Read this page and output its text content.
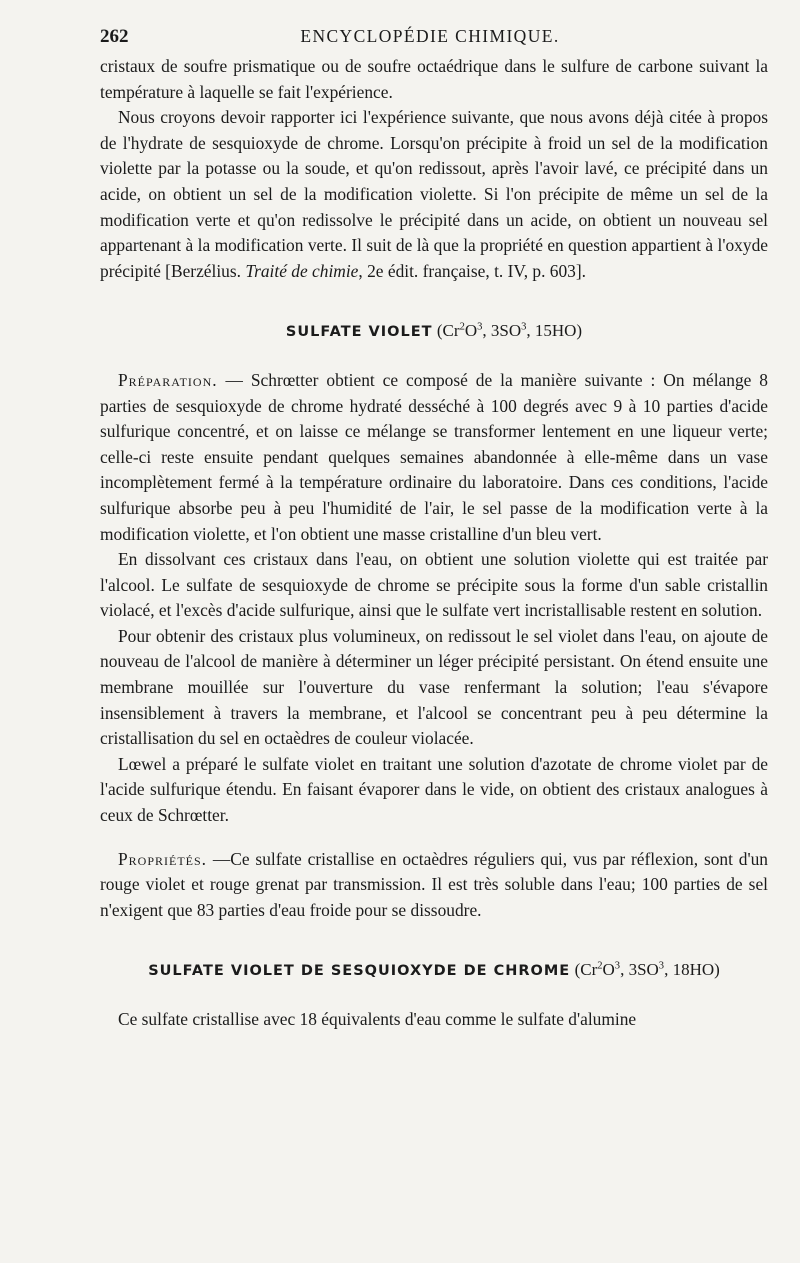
262	ENCYCLOPÉDIE CHIMIQUE.

cristaux de soufre prismatique ou de soufre octaédrique dans le sulfure de carbone suivant la température à laquelle se fait l'expérience.

Nous croyons devoir rapporter ici l'expérience suivante, que nous avons déjà citée à propos de l'hydrate de sesquioxyde de chrome. Lorsqu'on précipite à froid un sel de la modification violette par la potasse ou la soude, et qu'on redissout, après l'avoir lavé, ce précipité dans un acide, on obtient un sel de la modification violette. Si l'on précipite de même un sel de la modification verte et qu'on redissolve le précipité dans un acide, on obtient un nouveau sel appartenant à la modification verte. Il suit de là que la propriété en question appartient à l'oxyde précipité [Berzélius. Traité de chimie, 2e édit. française, t. IV, p. 603].

SULFATE VIOLET ($Cr^2O^3$, $3SO^3$, 15HO)

Préparation. — Schrœtter obtient ce composé de la manière suivante : On mélange 8 parties de sesquioxyde de chrome hydraté desséché à 100 degrés avec 9 à 10 parties d'acide sulfurique concentré, et on laisse ce mélange se transformer lentement en une liqueur verte; celle-ci reste ensuite pendant quelques semaines abandonnée à elle-même dans un vase incomplètement fermé à la température ordinaire du laboratoire. Dans ces conditions, l'acide sulfurique absorbe peu à peu l'humidité de l'air, le sel passe de la modification verte à la modification violette, et l'on obtient une masse cristalline d'un bleu vert.

En dissolvant ces cristaux dans l'eau, on obtient une solution violette qui est traitée par l'alcool. Le sulfate de sesquioxyde de chrome se précipite sous la forme d'un sable cristallin violacé, et l'excès d'acide sulfurique, ainsi que le sulfate vert incristallisable restent en solution.

Pour obtenir des cristaux plus volumineux, on redissout le sel violet dans l'eau, on ajoute de nouveau de l'alcool de manière à déterminer un léger précipité persistant. On étend ensuite une membrane mouillée sur l'ouverture du vase renfermant la solution; l'eau s'évapore insensiblement à travers la membrane, et l'alcool se concentrant peu à peu détermine la cristallisation du sel en octaèdres de couleur violacée.

Lœwel a préparé le sulfate violet en traitant une solution d'azotate de chrome violet par de l'acide sulfurique étendu. En faisant évaporer dans le vide, on obtient des cristaux analogues à ceux de Schrœtter.

Propriétés. —Ce sulfate cristallise en octaèdres réguliers qui, vus par réflexion, sont d'un rouge violet et rouge grenat par transmission. Il est très soluble dans l'eau; 100 parties de sel n'exigent que 83 parties d'eau froide pour se dissoudre.

SULFATE VIOLET DE SESQUIOXYDE DE CHROME ($Cr^2O^3$, $3SO^3$, 18HO)

Ce sulfate cristallise avec 18 équivalents d'eau comme le sulfate d'alumine
